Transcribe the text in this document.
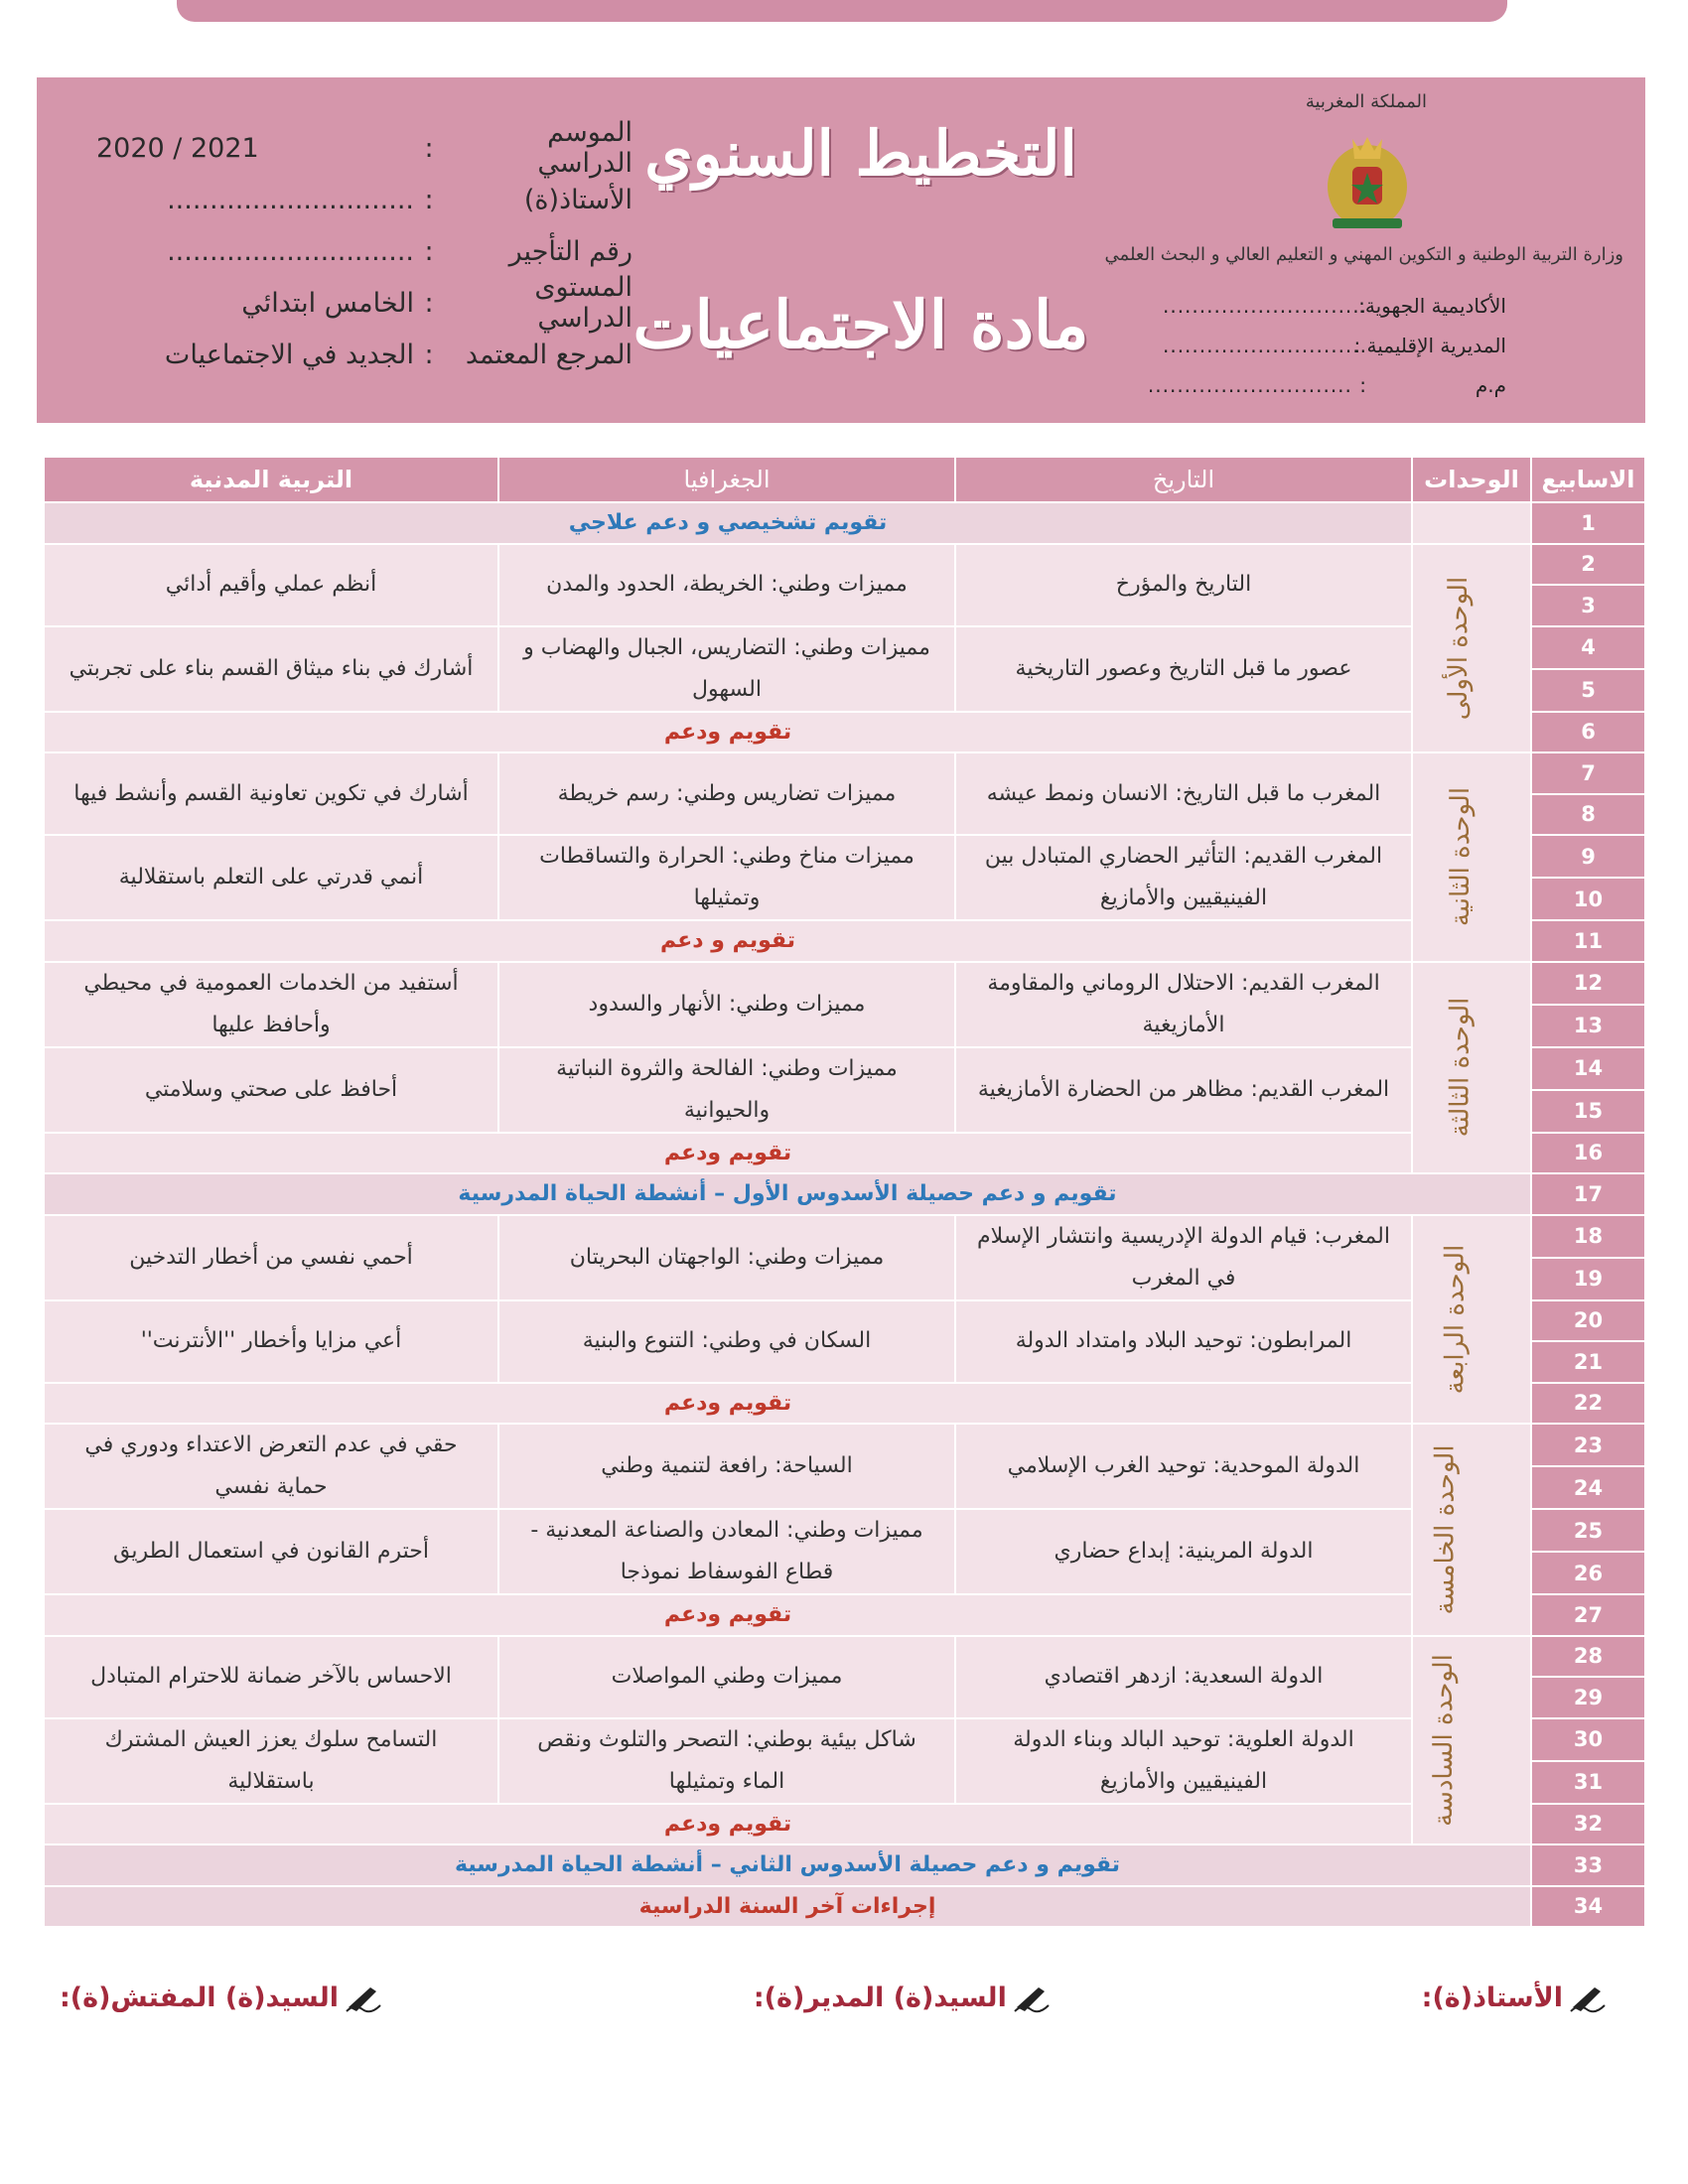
الموسم الدراسي
:
2020 / 2021
الأستاذ(ة)
:
.............................
رقم التأجير
:
.............................
المستوى الدراسي
:
الخامس ابتدائي
المرجع المعتمد
:
الجديد في الاجتماعيات
التخطيط السنوي
مادة الاجتماعيات
المملكة المغربية
وزارة التربية الوطنية و التكوين المهني و التعليم العالي و البحث العلمي
الأكاديمية الجهوية:............................
المديرية الإقليمية :............................
م.م: ............................
الاسابيع	الوحدات	التاريخ	الجغرافيا	التربية المدنية
1		تقويم تشخيصي و دعم علاجي		
2	الوحدة الأولى	التاريخ والمؤرخ	مميزات وطني: الخريطة، الحدود والمدن	أنظم عملي وأقيم أدائي
3				
4		عصور ما قبل التاريخ وعصور التاريخية	مميزات وطني: التضاريس، الجبال والهضاب و السهول	أشارك في بناء ميثاق القسم بناء على تجربتي
5				
6		تقويم ودعم		
7	الوحدة الثانية	المغرب ما قبل التاريخ: الانسان ونمط عيشه	مميزات تضاريس وطني: رسم خريطة	أشارك في تكوين تعاونية القسم وأنشط فيها
8				
9		المغرب القديم: التأثير الحضاري المتبادل بين الفينيقيين والأمازيغ	مميزات مناخ وطني: الحرارة والتساقطات وتمثيلها	أنمي قدرتي على التعلم باستقلالية
10				
11		تقويم و دعم		
12	الوحدة الثالثة	المغرب القديم: الاحتلال الروماني والمقاومة الأمازيغية	مميزات وطني: الأنهار والسدود	أستفيد من الخدمات العمومية في محيطي وأحافظ عليها
13				
14		المغرب القديم: مظاهر من الحضارة الأمازيغية	مميزات وطني: الفالحة والثروة النباتية والحيوانية	أحافظ على صحتي وسلامتي
15				
16		تقويم ودعم		
17	تقويم و دعم حصيلة الأسدوس الأول – أنشطة الحياة المدرسية			
18	الوحدة الرابعة	المغرب: قيام الدولة الإدريسية وانتشار الإسلام في المغرب	مميزات وطني: الواجهتان البحريتان	أحمي نفسي من أخطار التدخين
19				
20		المرابطون: توحيد البلاد وامتداد الدولة	السكان في وطني: التنوع والبنية	أعي مزايا وأخطار ''الأنترنت''
21				
22		تقويم ودعم		
23	الوحدة الخامسة	الدولة الموحدية: توحيد الغرب الإسلامي	السياحة: رافعة لتنمية وطني	حقي في عدم التعرض الاعتداء ودوري في حماية نفسي
24				
25		الدولة المرينية: إبداع حضاري	مميزات وطني: المعادن والصناعة المعدنية - قطاع الفوسفاط نموذجا	أحترم القانون في استعمال الطريق
26				
27		تقويم ودعم		
28	الوحدة السادسة	الدولة السعدية: ازدهر اقتصادي	مميزات وطني المواصلات	الاحساس بالآخر ضمانة للاحترام المتبادل
29				
30		الدولة العلوية: توحيد البالد وبناء الدولة الفينيقيين والأمازيغ	شاكل بيئية بوطني: التصحر والتلوث ونقص الماء وتمثيلها	التسامح سلوك يعزز العيش المشترك باستقلالية
31				
32		تقويم ودعم		
33	تقويم و دعم حصيلة الأسدوس الثاني – أنشطة الحياة المدرسية			
34	إجراءات آخر السنة الدراسية			
الأستاذ(ة):
السيد(ة) المدير(ة):
السيد(ة) المفتش(ة):
